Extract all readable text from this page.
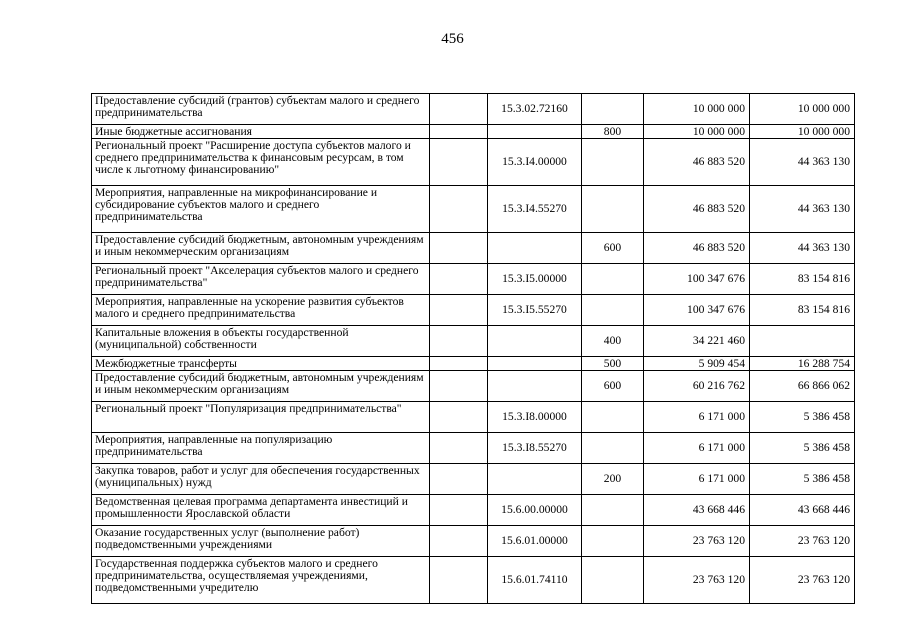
456
Предоставление субсидий (грантов) субъектам малого и среднего предпринимательства		15.3.02.72160		10 000 000	10 000 000
Иные бюджетные ассигнования			800	10 000 000	10 000 000
Региональный проект "Расширение доступа субъектов малого и среднего предпринимательства к финансовым ресурсам, в том числе к льготному финансированию"		15.3.I4.00000		46 883 520	44 363 130
Мероприятия, направленные на микрофинансирование и субсидирование субъектов малого и среднего предпринимательства		15.3.I4.55270		46 883 520	44 363 130
Предоставление субсидий бюджетным, автономным учреждениям и иным некоммерческим организациям			600	46 883 520	44 363 130
Региональный проект "Акселерация субъектов малого и среднего предпринимательства"		15.3.I5.00000		100 347 676	83 154 816
Мероприятия, направленные на ускорение развития субъектов малого и среднего предпринимательства		15.3.I5.55270		100 347 676	83 154 816
Капитальные вложения в объекты государственной (муниципальной) собственности			400	34 221 460	
Межбюджетные трансферты			500	5 909 454	16 288 754
Предоставление субсидий бюджетным, автономным учреждениям и иным некоммерческим организациям			600	60 216 762	66 866 062
Региональный проект "Популяризация предпринимательства"		15.3.I8.00000		6 171 000	5 386 458
Мероприятия, направленные на популяризацию предпринимательства		15.3.I8.55270		6 171 000	5 386 458
Закупка товаров, работ и услуг для обеспечения государственных (муниципальных) нужд			200	6 171 000	5 386 458
Ведомственная целевая программа департамента инвестиций и промышленности Ярославской области		15.6.00.00000		43 668 446	43 668 446
Оказание государственных услуг (выполнение работ) подведомственными учреждениями		15.6.01.00000		23 763 120	23 763 120
Государственная поддержка субъектов малого и среднего предпринимательства, осуществляемая учреждениями, подведомственными учредителю		15.6.01.74110		23 763 120	23 763 120
